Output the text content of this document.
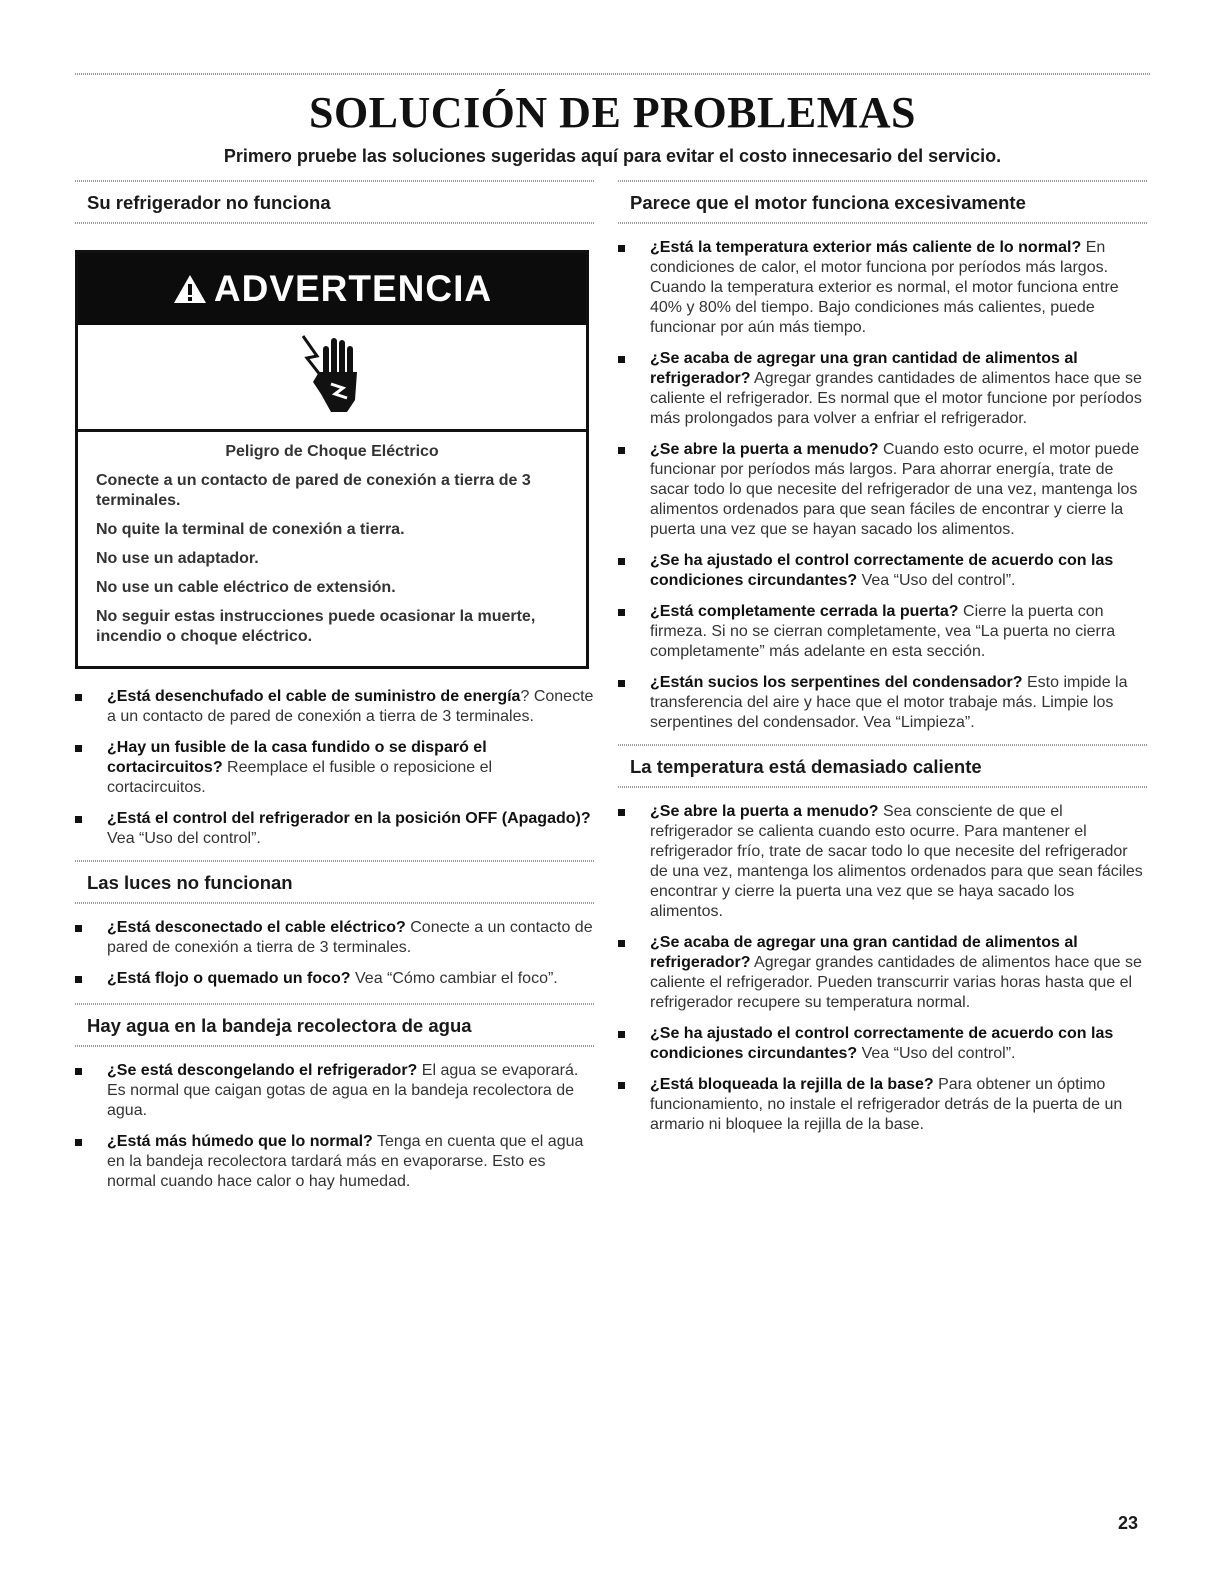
SOLUCIÓN DE PROBLEMAS

Primero pruebe las soluciones sugeridas aquí para evitar el costo innecesario del servicio.

Su refrigerador no funciona
ADVERTENCIA

Peligro de Choque Eléctrico

Conecte a un contacto de pared de conexión a tierra de 3 terminales.

No quite la terminal de conexión a tierra.

No use un adaptador.

No use un cable eléctrico de extensión.

No seguir estas instrucciones puede ocasionar la muerte, incendio o choque eléctrico.

¿Está desenchufado el cable de suministro de energía? Conecte a un contacto de pared de conexión a tierra de 3 terminales.
¿Hay un fusible de la casa fundido o se disparó el cortacircuitos? Reemplace el fusible o reposicione el cortacircuitos.
¿Está el control del refrigerador en la posición OFF (Apagado)? Vea “Uso del control”.
Las luces no funcionan
¿Está desconectado el cable eléctrico? Conecte a un contacto de pared de conexión a tierra de 3 terminales.
¿Está flojo o quemado un foco? Vea “Cómo cambiar el foco”.
Hay agua en la bandeja recolectora de agua
¿Se está descongelando el refrigerador? El agua se evaporará. Es normal que caigan gotas de agua en la bandeja recolectora de agua.
¿Está más húmedo que lo normal? Tenga en cuenta que el agua en la bandeja recolectora tardará más en evaporarse. Esto es normal cuando hace calor o hay humedad.
Parece que el motor funciona excesivamente
¿Está la temperatura exterior más caliente de lo normal? En condiciones de calor, el motor funciona por períodos más largos. Cuando la temperatura exterior es normal, el motor funciona entre 40% y 80% del tiempo. Bajo condiciones más calientes, puede funcionar por aún más tiempo.
¿Se acaba de agregar una gran cantidad de alimentos al refrigerador? Agregar grandes cantidades de alimentos hace que se caliente el refrigerador. Es normal que el motor funcione por períodos más prolongados para volver a enfriar el refrigerador.
¿Se abre la puerta a menudo? Cuando esto ocurre, el motor puede funcionar por períodos más largos. Para ahorrar energía, trate de sacar todo lo que necesite del refrigerador de una vez, mantenga los alimentos ordenados para que sean fáciles de encontrar y cierre la puerta una vez que se hayan sacado los alimentos.
¿Se ha ajustado el control correctamente de acuerdo con las condiciones circundantes? Vea “Uso del control”.
¿Está completamente cerrada la puerta? Cierre la puerta con firmeza. Si no se cierran completamente, vea “La puerta no cierra completamente” más adelante en esta sección.
¿Están sucios los serpentines del condensador? Esto impide la transferencia del aire y hace que el motor trabaje más. Limpie los serpentines del condensador. Vea “Limpieza”.
La temperatura está demasiado caliente
¿Se abre la puerta a menudo? Sea consciente de que el refrigerador se calienta cuando esto ocurre. Para mantener el refrigerador frío, trate de sacar todo lo que necesite del refrigerador de una vez, mantenga los alimentos ordenados para que sean fáciles encontrar y cierre la puerta una vez que se haya sacado los alimentos.
¿Se acaba de agregar una gran cantidad de alimentos al refrigerador? Agregar grandes cantidades de alimentos hace que se caliente el refrigerador. Pueden transcurrir varias horas hasta que el refrigerador recupere su temperatura normal.
¿Se ha ajustado el control correctamente de acuerdo con las condiciones circundantes? Vea “Uso del control”.
¿Está bloqueada la rejilla de la base? Para obtener un óptimo funcionamiento, no instale el refrigerador detrás de la puerta de un armario ni bloquee la rejilla de la base.
23
